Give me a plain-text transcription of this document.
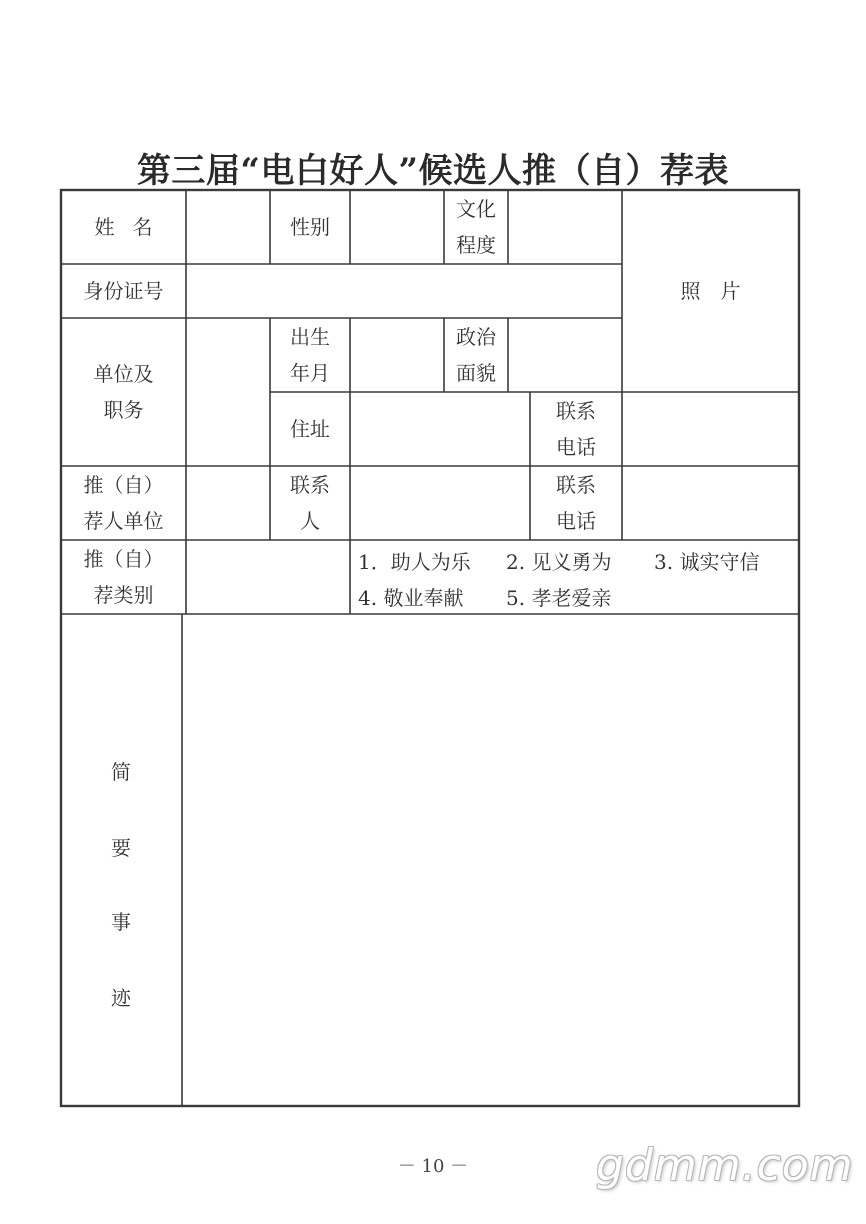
第三届“电白好人”候选人推（自）荐表
姓名	性别
文化
程度
照片
身份证号
单位及
职务
出生
年月
政治
面貌
住址
联系
电话
推（自）
荐人单位
联系
人
联系
电话
推（自）
荐类别
1．助人为乐 2. 见义勇为 3. 诚实守信
4. 敬业奉献 5. 孝老爱亲
简
要
事
迹
－ 10 －	gdmm.com
